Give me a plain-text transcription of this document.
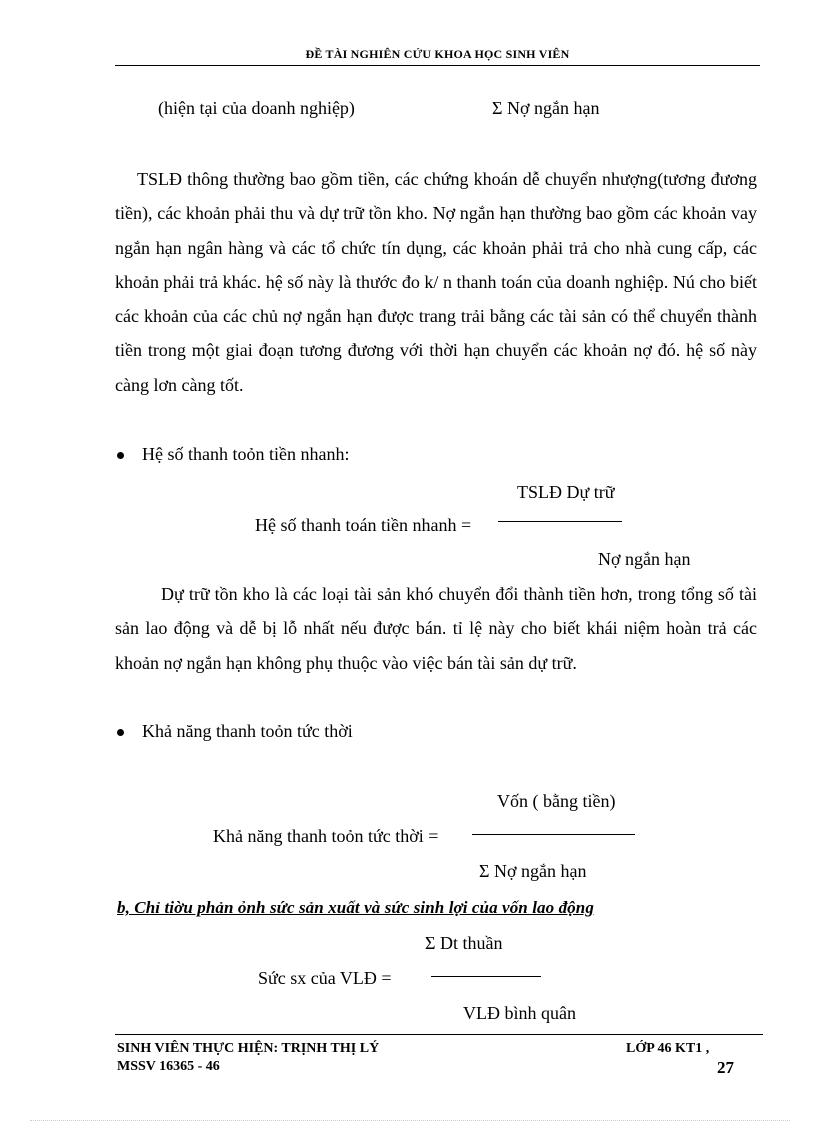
ĐỀ TÀI NGHIÊN CỨU KHOA HỌC SINH VIÊN
(hiện tại của doanh nghiệp)	Σ Nợ ngắn hạn
TSLĐ thông thường bao gồm tiền, các chứng khoán dễ chuyển nhượng(tương đương tiền), các khoản phải thu và dự trữ tồn kho. Nợ ngắn hạn thường bao gồm các khoản vay ngắn hạn ngân hàng và các tổ chức tín dụng, các khoản phải trả cho nhà cung cấp, các khoản phải trả khác. hệ số này là thước đo k/ n thanh toán của doanh nghiệp. Nú cho biết các khoản của các chủ nợ ngắn hạn được trang trải bằng các tài sản có thể chuyển thành tiền trong một giai đoạn tương đương với thời hạn chuyển các khoản nợ đó. hệ số này càng lơn càng tốt.
Hệ số thanh toỏn tiền nhanh:
TSLĐ Dự trữ
Hệ số thanh toán tiền nhanh =
Nợ ngắn hạn
Dự trữ tồn kho là các loại tài sản khó chuyển đổi thành tiền hơn, trong tổng số tài sản lao động và dễ bị lỗ nhất nếu được bán. tỉ lệ này cho biết khái niệm hoàn trả các khoản nợ ngắn hạn không phụ thuộc vào việc bán tài sản dự trữ.
Khả năng thanh toỏn tức thời
Vốn ( bằng tiền)
Khả năng thanh toỏn tức thời =
Σ Nợ ngắn hạn
b, Chỉ tiờu phản ỏnh sức sản xuất và sức sinh lợi của vốn lao động
Σ Dt thuần
Sức sx của VLĐ =
VLĐ bình quân
SINH VIÊN THỰC HIỆN: TRỊNH THỊ LÝ	LỚP 46 KT1 ,
MSSV 16365 - 46	27
